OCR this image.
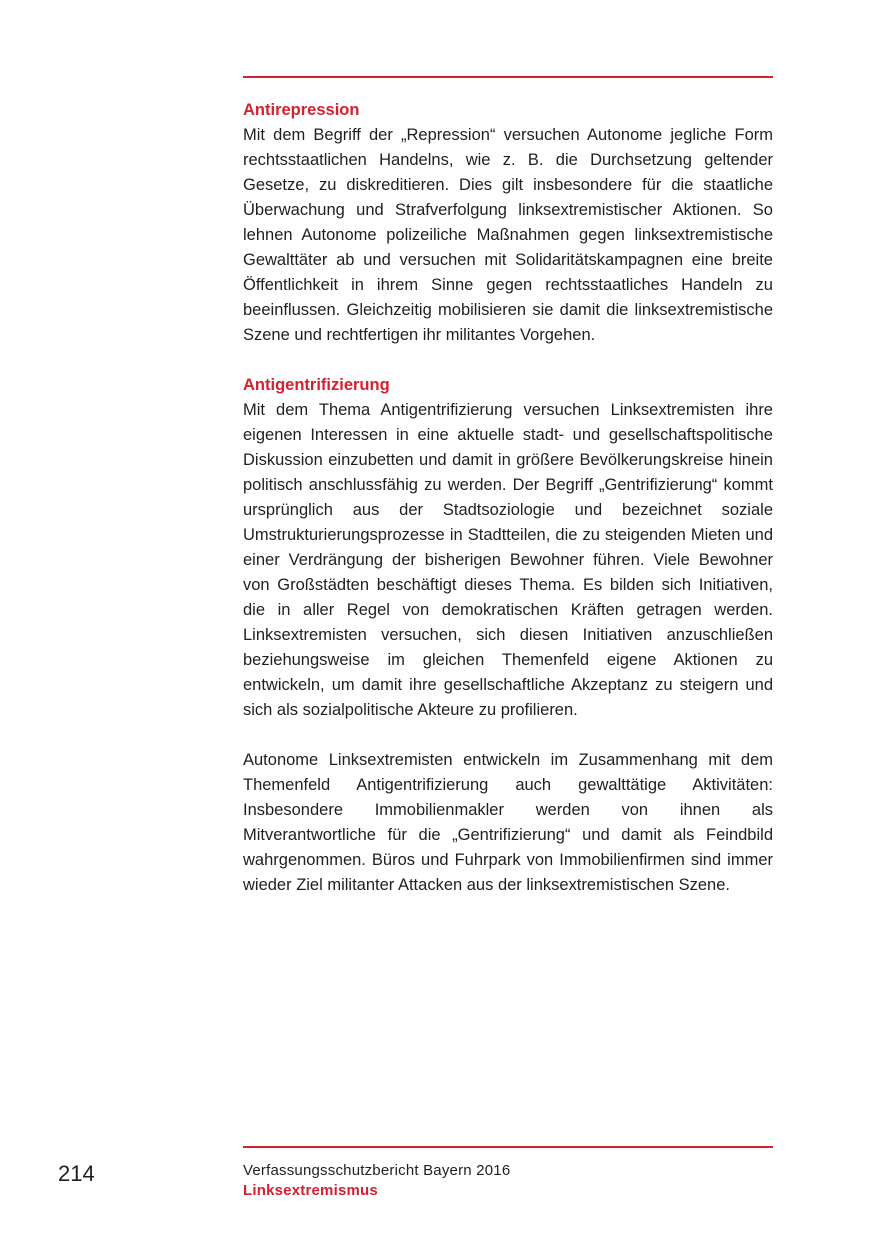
Antirepression

Mit dem Begriff der „Repression“ versuchen Autonome jegliche Form rechtsstaatlichen Handelns, wie z. B. die Durchsetzung geltender Gesetze, zu diskreditieren. Dies gilt insbesondere für die staatliche Überwachung und Strafverfolgung linksextremistischer Aktionen. So lehnen Autonome polizeiliche Maßnahmen gegen linksextremistische Gewalttäter ab und versuchen mit Solidaritätskampagnen eine breite Öffentlichkeit in ihrem Sinne gegen rechtsstaatliches Handeln zu beeinflussen. Gleichzeitig mobilisieren sie damit die linksextremistische Szene und rechtfertigen ihr militantes Vorgehen.

Antigentrifizierung

Mit dem Thema Antigentrifizierung versuchen Linksextremisten ihre eigenen Interessen in eine aktuelle stadt- und gesellschaftspolitische Diskussion einzubetten und damit in größere Bevölkerungskreise hinein politisch anschlussfähig zu werden. Der Begriff „Gentrifizierung“ kommt ursprünglich aus der Stadtsoziologie und bezeichnet soziale Umstrukturierungsprozesse in Stadtteilen, die zu steigenden Mieten und einer Verdrängung der bisherigen Bewohner führen. Viele Bewohner von Großstädten beschäftigt dieses Thema. Es bilden sich Initiativen, die in aller Regel von demokratischen Kräften getragen werden. Linksextremisten versuchen, sich diesen Initiativen anzuschließen beziehungsweise im gleichen Themenfeld eigene Aktionen zu entwickeln, um damit ihre gesellschaftliche Akzeptanz zu steigern und sich als sozialpolitische Akteure zu profilieren.

Autonome Linksextremisten entwickeln im Zusammenhang mit dem Themenfeld Antigentrifizierung auch gewalttätige Aktivitäten: Insbesondere Immobilienmakler werden von ihnen als Mitverantwortliche für die „Gentrifizierung“ und damit als Feindbild wahrgenommen. Büros und Fuhrpark von Immobilienfirmen sind immer wieder Ziel militanter Attacken aus der linksextremistischen Szene.

214	Verfassungsschutzbericht Bayern 2016
Linksextremismus
